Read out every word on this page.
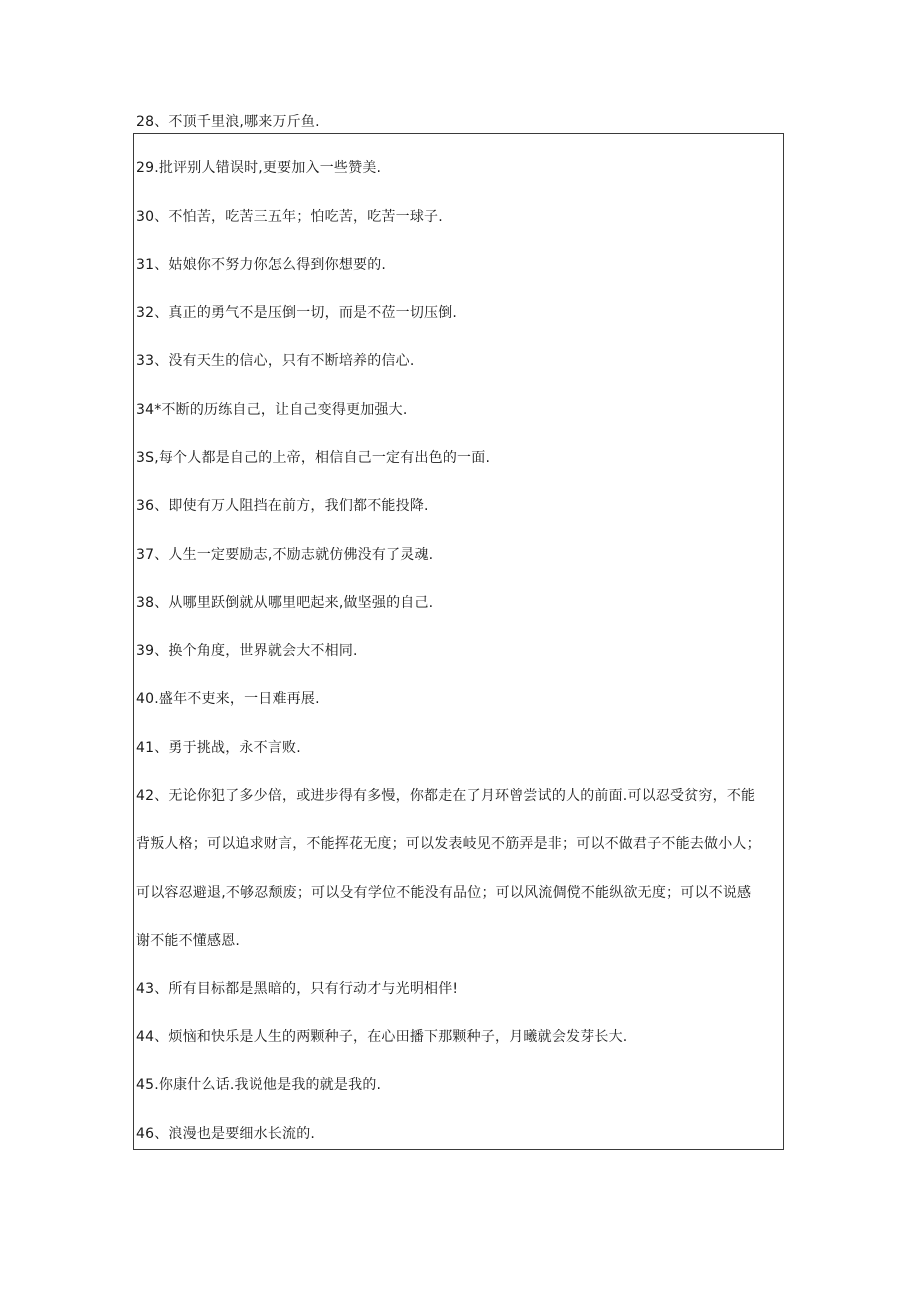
28、不顶千里浪,哪来万斤鱼.
29.批评别人错误时,更要加入一些赞美.
30、不怕苦，吃苦三五年；怕吃苦，吃苦一球子.
31、姑娘你不努力你怎么得到你想要的.
32、真正的勇气不是压倒一切，而是不莅一切压倒.
33、没有天生的信心，只有不断培养的信心.
34*不断的历练自己，让自己变得更加强大.
3S,每个人都是自己的上帝，相信自己一定有出色的一面.
36、即使有万人阻挡在前方，我们都不能投降.
37、人生一定要励志,不励志就仿佛没有了灵魂.
38、从哪里跃倒就从哪里吧起来,做坚强的自己.
39、换个角度，世界就会大不相同.
40.盛年不吏来，一日难再展.
41、勇于挑战，永不言败.
42、无论你犯了多少倍，或进步得有多慢，你都走在了月环曾尝试的人的前面.可以忍受贫穷，不能
背叛人格；可以追求财言，不能挥花无度；可以发表岐见不筋弄是非；可以不做君子不能去做小人；
可以容忍避退,不够忍颓废；可以殳有学位不能没有品位；可以风流倜傥不能纵欲无度；可以不说感
谢不能不懂感恩.
43、所有目标都是黑暗的，只有行动才与光明相伴!
44、烦恼和快乐是人生的两颗种子，在心田播下那颗种子，月曦就会发芽长大.
45.你康什么话.我说他是我的就是我的.
46、浪漫也是要细水长流的.
